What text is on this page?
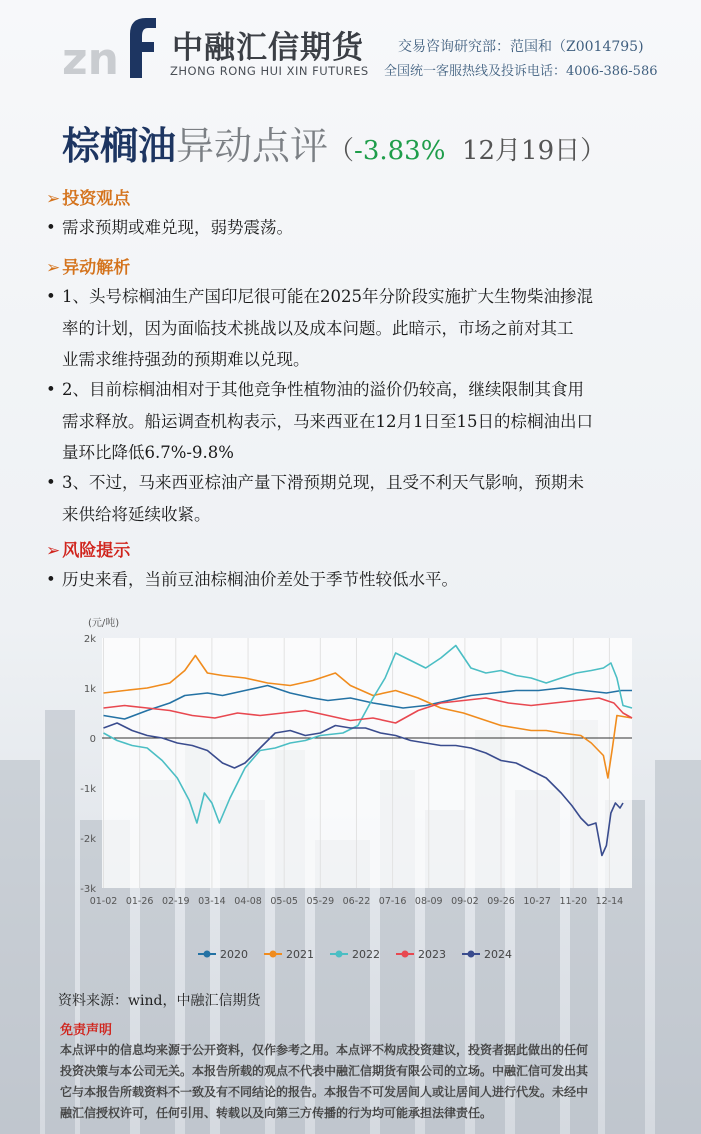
zn 中融汇信期货
ZHONG RONG HUI XIN FUTURES
交易咨询研究部：范国和（Z0014795)
全国统一客服热线及投诉电话：4006-386-586
棕榈油异动点评（-3.83% 12月19日）
➢ 投资观点
• 需求预期或难兑现，弱势震荡。
➢ 异动解析
• 1、头号棕榈油生产国印尼很可能在2025年分阶段实施扩大生物柴油掺混
率的计划，因为面临技术挑战以及成本问题。此暗示，市场之前对其工
业需求维持强劲的预期难以兑现。
• 2、目前棕榈油相对于其他竞争性植物油的溢价仍较高，继续限制其食用
需求释放。船运调查机构表示，马来西亚在12月1日至15日的棕榈油出口
量环比降低6.7%-9.8%
• 3、不过，马来西亚棕油产量下滑预期兑现，且受不利天气影响，预期未
来供给将延续收紧。
➢ 风险提示
• 历史来看，当前豆油棕榈油价差处于季节性较低水平。
2k
1k
0
-1k
-2k
-3k
01-02 01-26 02-19 03-14 04-08 05-05 05-29 06-22 07-16 08-09 09-02 09-26 10-27 11-20 12-14
(元/吨)
2020	2021	2022	2023	2024
资料来源：wind，中融汇信期货
免责声明
本点评中的信息均来源于公开资料，仅作参考之用。本点评不构成投资建议，投资者据此做出的任何
投资决策与本公司无关。本报告所载的观点不代表中融汇信期货有限公司的立场。中融汇信可发出其
它与本报告所载资料不一致及有不同结论的报告。本报告不可发居间人或让居间人进行代发。未经中
融汇信授权许可，任何引用、转载以及向第三方传播的行为均可能承担法律责任。
